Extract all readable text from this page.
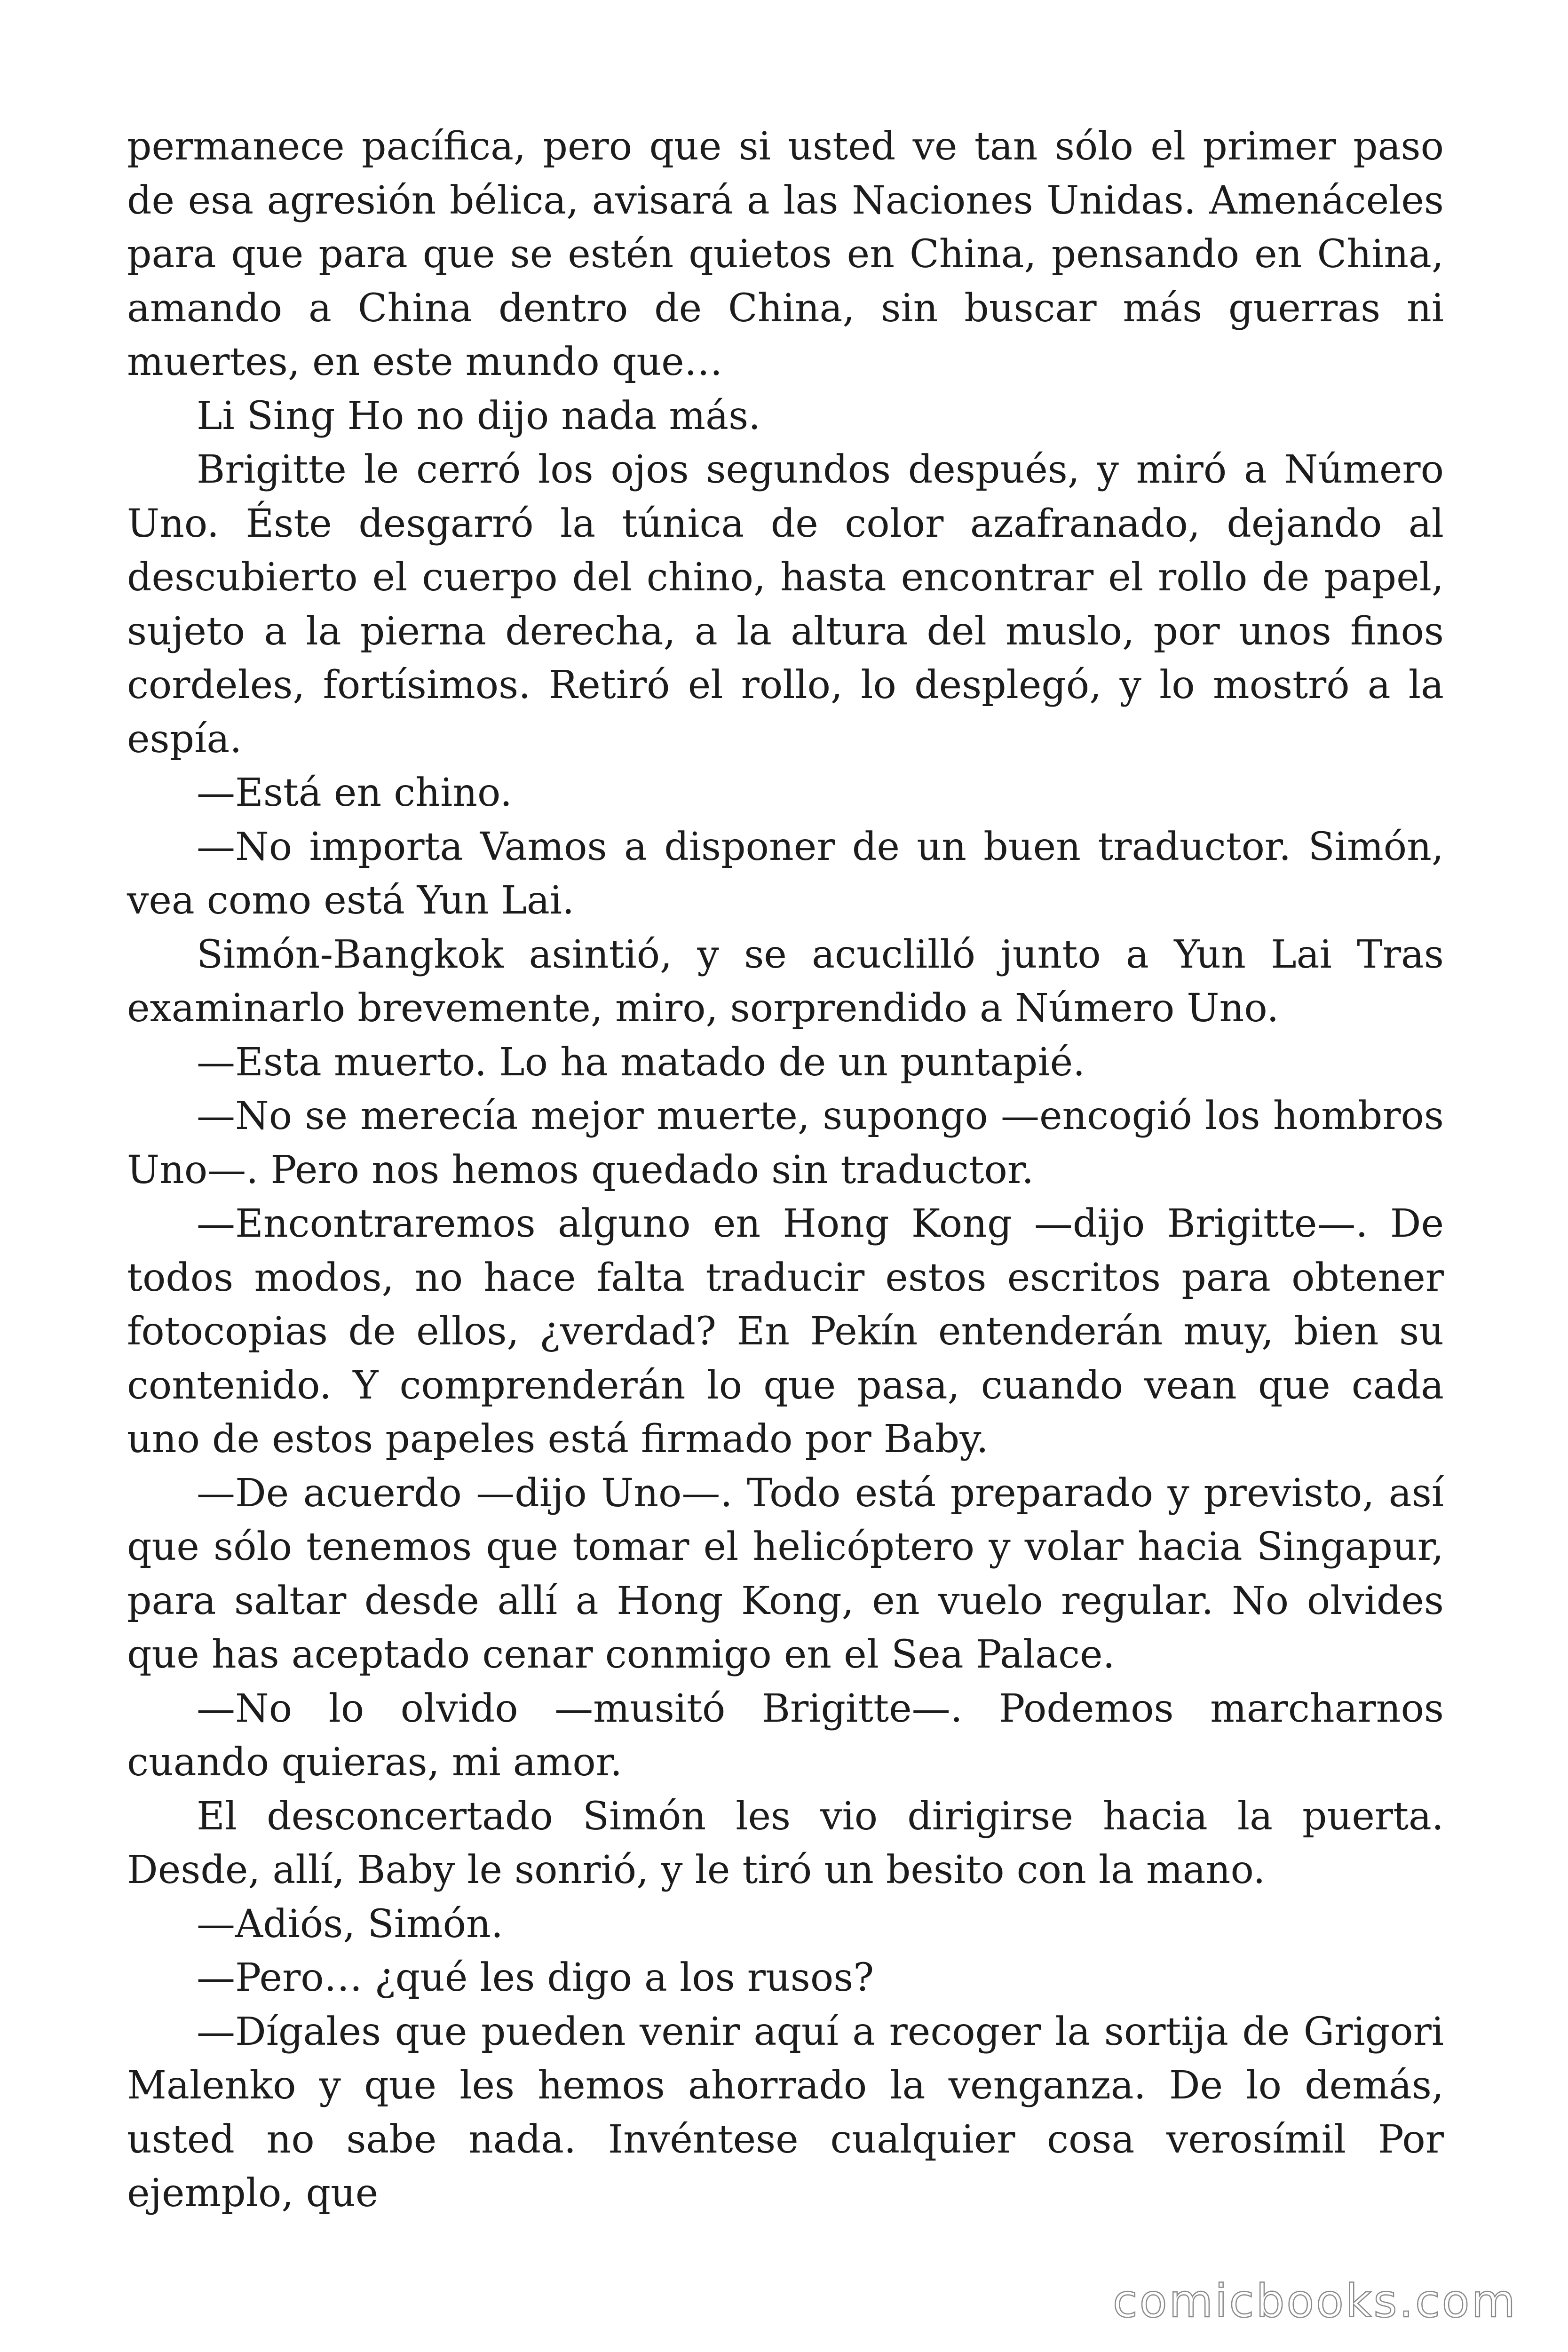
permanece pacífica, pero que si usted ve tan sólo el primer paso de esa agresión bélica, avisará a las Naciones Unidas. Amenáceles para que para que se estén quietos en China, pensando en China, amando a China dentro de China, sin buscar más guerras ni muertes, en este mundo que…

Li Sing Ho no dijo nada más.

Brigitte le cerró los ojos segundos después, y miró a Número Uno. Éste desgarró la túnica de color azafranado, dejando al descubierto el cuerpo del chino, hasta encontrar el rollo de papel, sujeto a la pierna derecha, a la altura del muslo, por unos finos cordeles, fortísimos. Retiró el rollo, lo desplegó, y lo mostró a la espía.

—Está en chino.

—No importa Vamos a disponer de un buen traductor. Simón, vea como está Yun Lai.

Simón-Bangkok asintió, y se acuclilló junto a Yun Lai Tras examinarlo brevemente, miro, sorprendido a Número Uno.

—Esta muerto. Lo ha matado de un puntapié.

—No se merecía mejor muerte, supongo —encogió los hombros Uno—. Pero nos hemos quedado sin traductor.

—Encontraremos alguno en Hong Kong —dijo Brigitte—. De todos modos, no hace falta traducir estos escritos para obtener fotocopias de ellos, ¿verdad? En Pekín entenderán muy, bien su contenido. Y comprenderán lo que pasa, cuando vean que cada uno de estos papeles está firmado por Baby.

—De acuerdo —dijo Uno—. Todo está preparado y previsto, así que sólo tenemos que tomar el helicóptero y volar hacia Singapur, para saltar desde allí a Hong Kong, en vuelo regular. No olvides que has aceptado cenar conmigo en el Sea Palace.

—No lo olvido —musitó Brigitte—. Podemos marcharnos cuando quieras, mi amor.

El desconcertado Simón les vio dirigirse hacia la puerta. Desde, allí, Baby le sonrió, y le tiró un besito con la mano.

—Adiós, Simón.

—Pero… ¿qué les digo a los rusos?

—Dígales que pueden venir aquí a recoger la sortija de Grigori Malenko y que les hemos ahorrado la venganza. De lo demás, usted no sabe nada. Invéntese cualquier cosa verosímil Por ejemplo, que

comicbooks.com
